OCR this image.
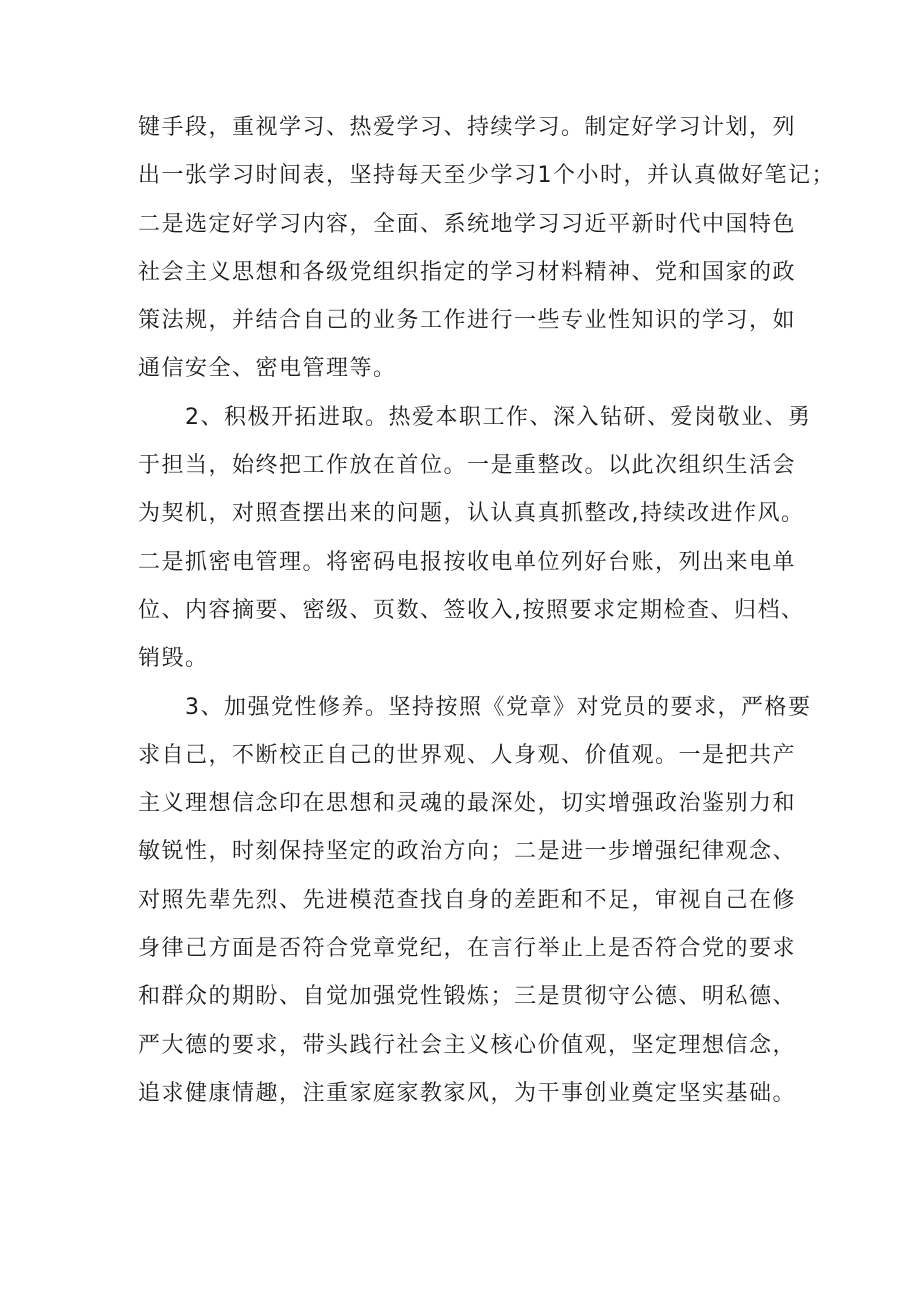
键手段，重视学习、热爱学习、持续学习。制定好学习计划，列
出一张学习时间表，坚持每天至少学习1个小时，并认真做好笔记；
二是选定好学习内容，全面、系统地学习习近平新时代中国特色
社会主义思想和各级党组织指定的学习材料精神、党和国家的政
策法规，并结合自己的业务工作进行一些专业性知识的学习，如
通信安全、密电管理等。
　　2、积极开拓进取。热爱本职工作、深入钻研、爱岗敬业、勇
于担当，始终把工作放在首位。一是重整改。以此次组织生活会
为契机，对照查摆出来的问题，认认真真抓整改,持续改进作风。
二是抓密电管理。将密码电报按收电单位列好台账，列出来电单
位、内容摘要、密级、页数、签收入,按照要求定期检查、归档、
销毁。
　　3、加强党性修养。坚持按照《党章》对党员的要求，严格要
求自己，不断校正自己的世界观、人身观、价值观。一是把共产
主义理想信念印在思想和灵魂的最深处，切实增强政治鉴别力和
敏锐性，时刻保持坚定的政治方向；二是进一步增强纪律观念、
对照先辈先烈、先进模范查找自身的差距和不足，审视自己在修
身律己方面是否符合党章党纪，在言行举止上是否符合党的要求
和群众的期盼、自觉加强党性锻炼；三是贯彻守公德、明私德、
严大德的要求，带头践行社会主义核心价值观，坚定理想信念，
追求健康情趣，注重家庭家教家风，为干事创业奠定坚实基础。
